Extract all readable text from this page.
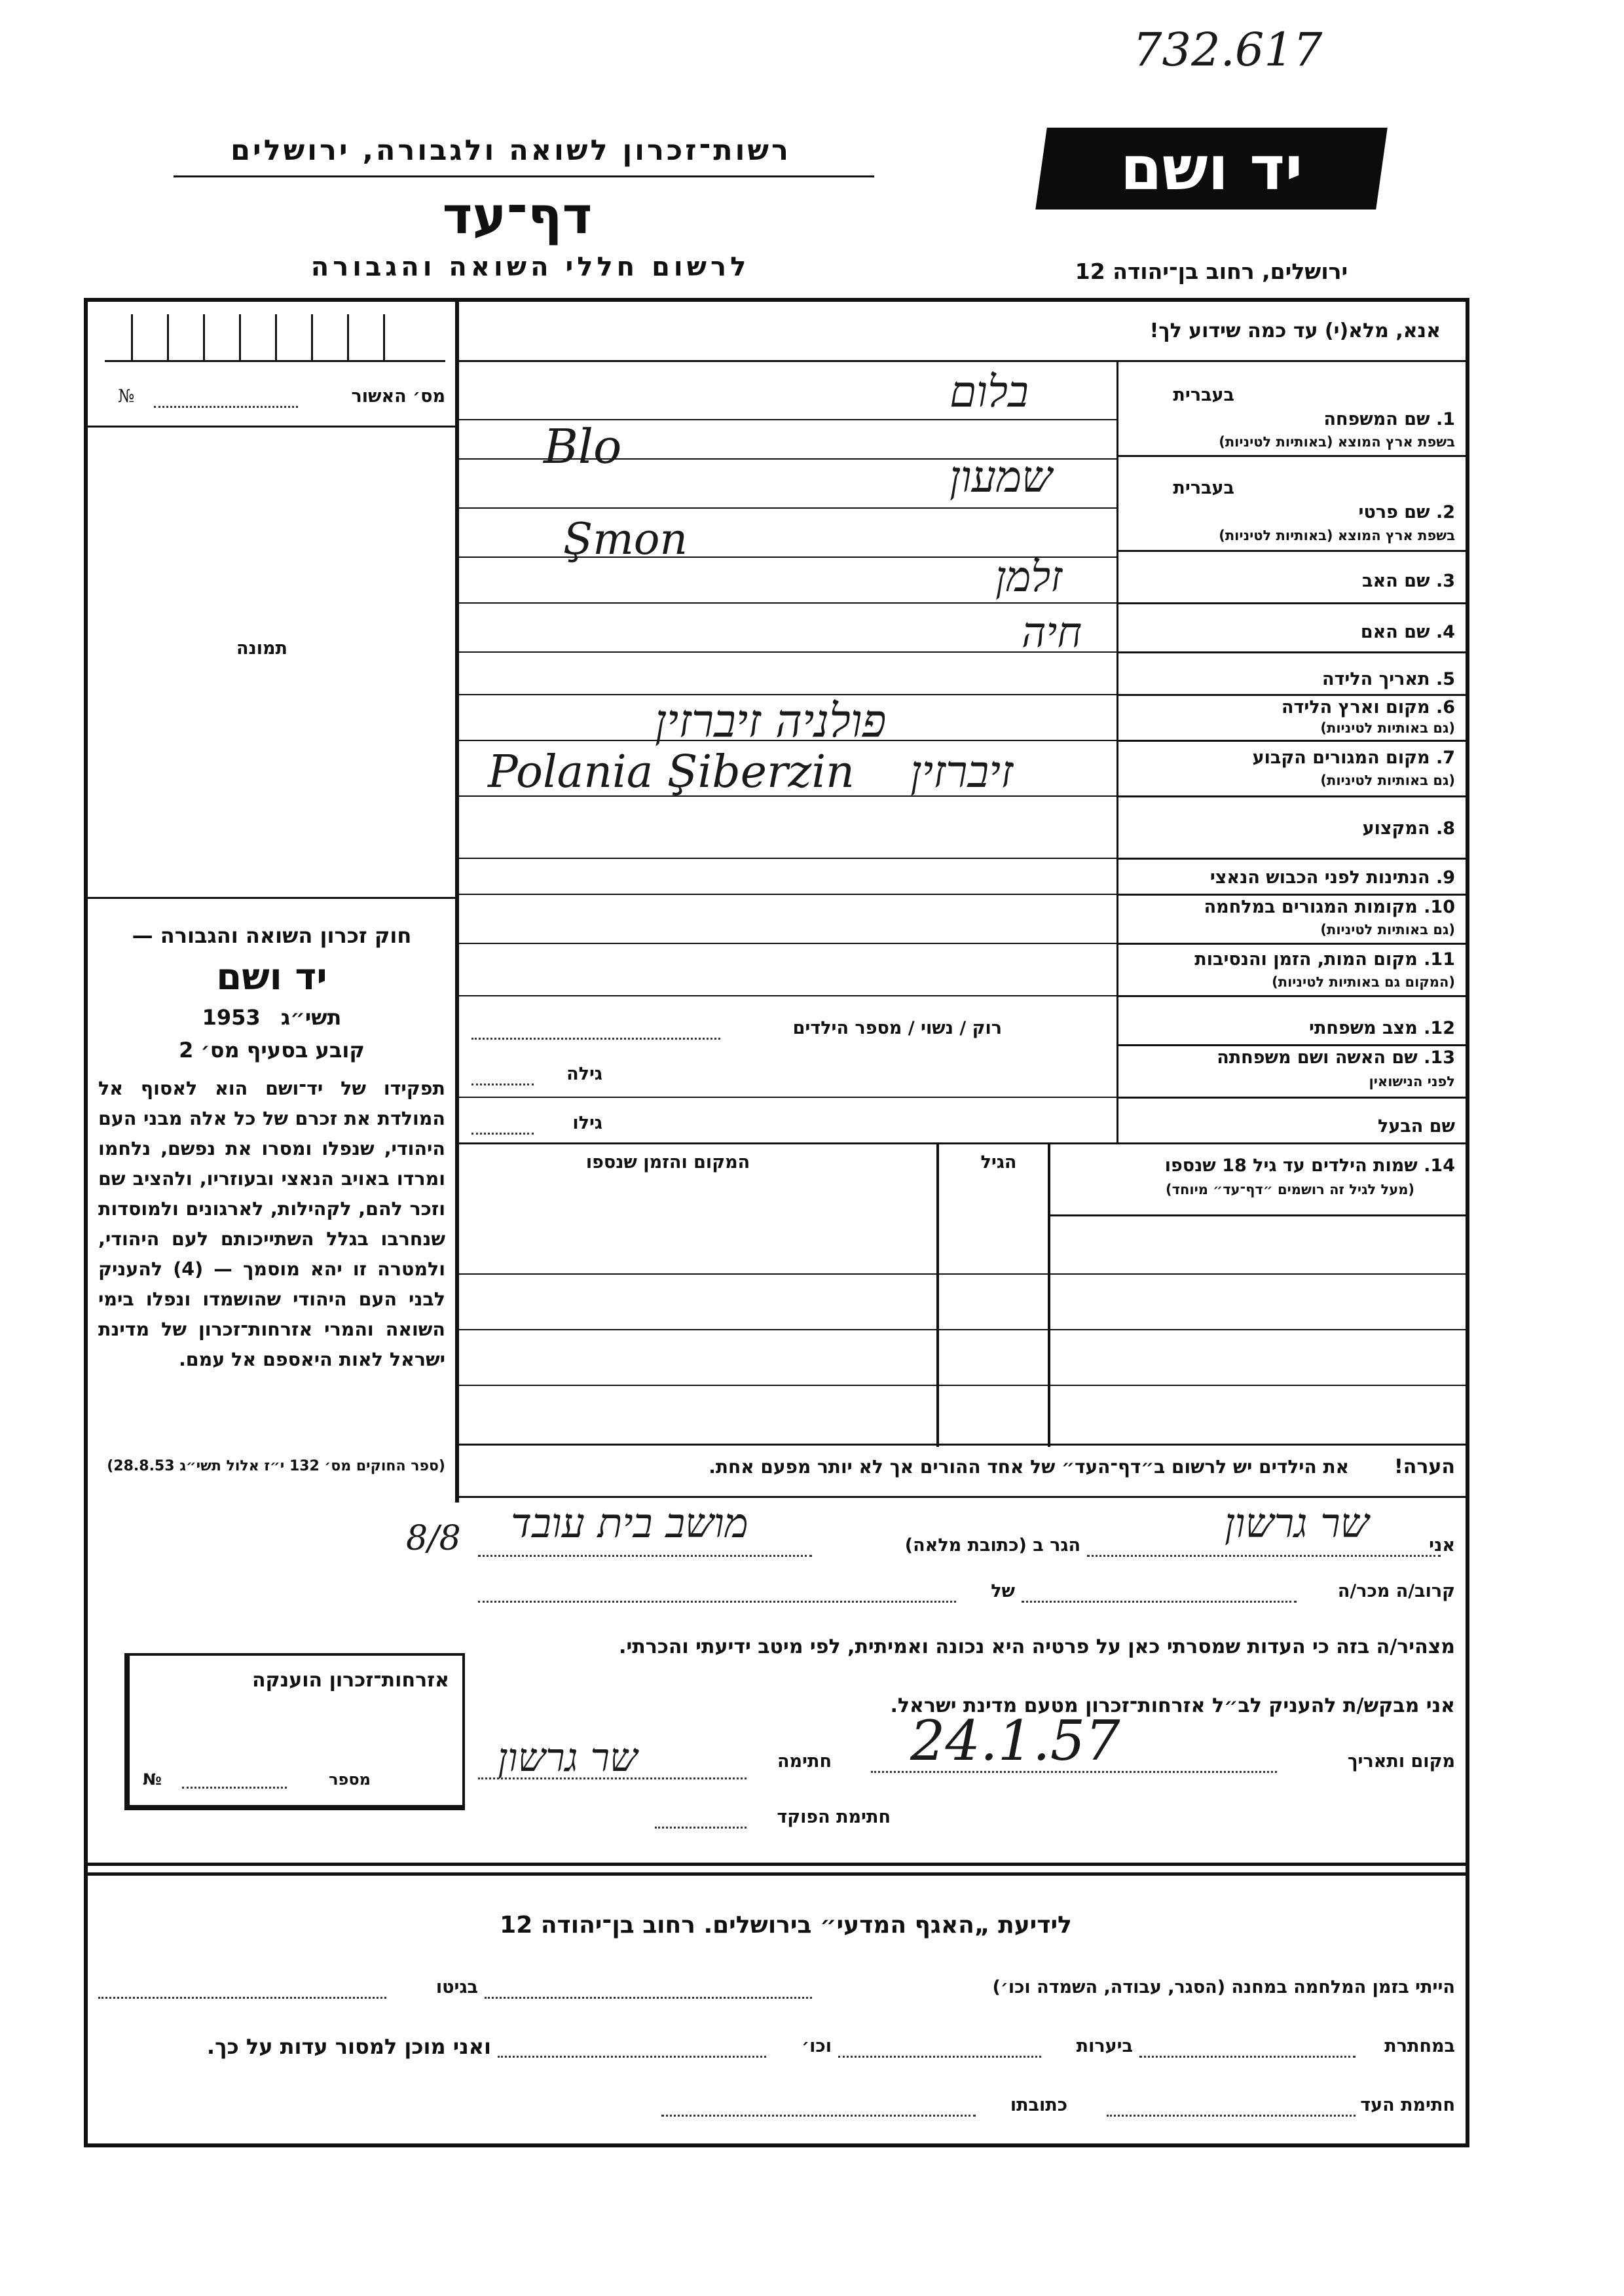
732.617
יד ושם
רשות־זכרון לשואה ולגבורה, ירושלים
דף־עד
לרשום חללי השואה והגבורה	ירושלים, רחוב בן־יהודה 12
אנא, מלא(י) עד כמה שידוע לך!
מס׳ האשור
№
תמונה
בעברית
1. שם המשפחה
בשפת ארץ המוצא (באותיות לטיניות)
בעברית
2. שם פרטי
בשפת ארץ המוצא (באותיות לטיניות)
3. שם האב
4. שם האם
5. תאריך הלידה
6. מקום וארץ הלידה
(גם באותיות לטיניות)
7. מקום המגורים הקבוע
(גם באותיות לטיניות)
8. המקצוע
9. הנתינות לפני הכבוש הנאצי
10. מקומות המגורים במלחמה
(גם באותיות לטיניות)
11. מקום המות, הזמן והנסיבות
(המקום גם באותיות לטיניות)
12. מצב משפחתי
13. שם האשה ושם משפחתה
לפני הנישואין
שם הבעל
בלום
Blo
שמעון
Şmon
זלמן
חיה
פולניה זיברזין
Polania Şiberzin זיברזין
רוק / נשוי / מספר הילדים
גילה
גילו
14. שמות הילדים עד גיל 18 שנספו
(מעל לגיל זה רושמים ״דף־עד״ מיוחד)
הגיל
המקום והזמן שנספו
הערה!
את הילדים יש לרשום ב״דף־העד״ של אחד ההורים אך לא יותר מפעם אחת.
חוק זכרון השואה והגבורה —
יד ושם
תשי״ג 1953
קובע בסעיף מס׳ 2
תפקידו של יד־ושם הוא לאסוף אל המולדת את זכרם של כל אלה מבני העם היהודי, שנפלו ומסרו את נפשם, נלחמו ומרדו באויב הנאצי ובעוזריו, ולהציב שם וזכר להם, לקהילות, לארגונים ולמוסדות שנחרבו בגלל השתייכותם לעם היהודי, ולמטרה זו יהא מוסמך — (4) להעניק לבני העם היהודי שהושמדו ונפלו בימי השואה והמרי אזרחות־זכרון של מדינת ישראל לאות היאספם אל עמם.
(ספר החוקים מס׳ 132 י״ז אלול תשי״ג 28.8.53)
אני
שר גרשון
הגר ב (כתובת מלאה)
מושב בית עובד
8/8
קרוב/ה מכר/ה
של
מצהיר/ה בזה כי העדות שמסרתי כאן על פרטיה היא נכונה ואמיתית, לפי מיטב ידיעתי והכרתי.
אני מבקש/ת להעניק לב״ל אזרחות־זכרון מטעם מדינת ישראל.
מקום ותאריך
24.1.57
חתימה
שר גרשון
חתימת הפוקד
אזרחות־זכרון הוענקה
מספר
№
לידיעת „האגף המדעי״ בירושלים. רחוב בן־יהודה 12
הייתי בזמן המלחמה במחנה (הסגר, עבודה, השמדה וכו׳)
בגיטו
במחתרת
ביערות
וכו׳
ואני מוכן למסור עדות על כך.
חתימת העד
כתובתו
